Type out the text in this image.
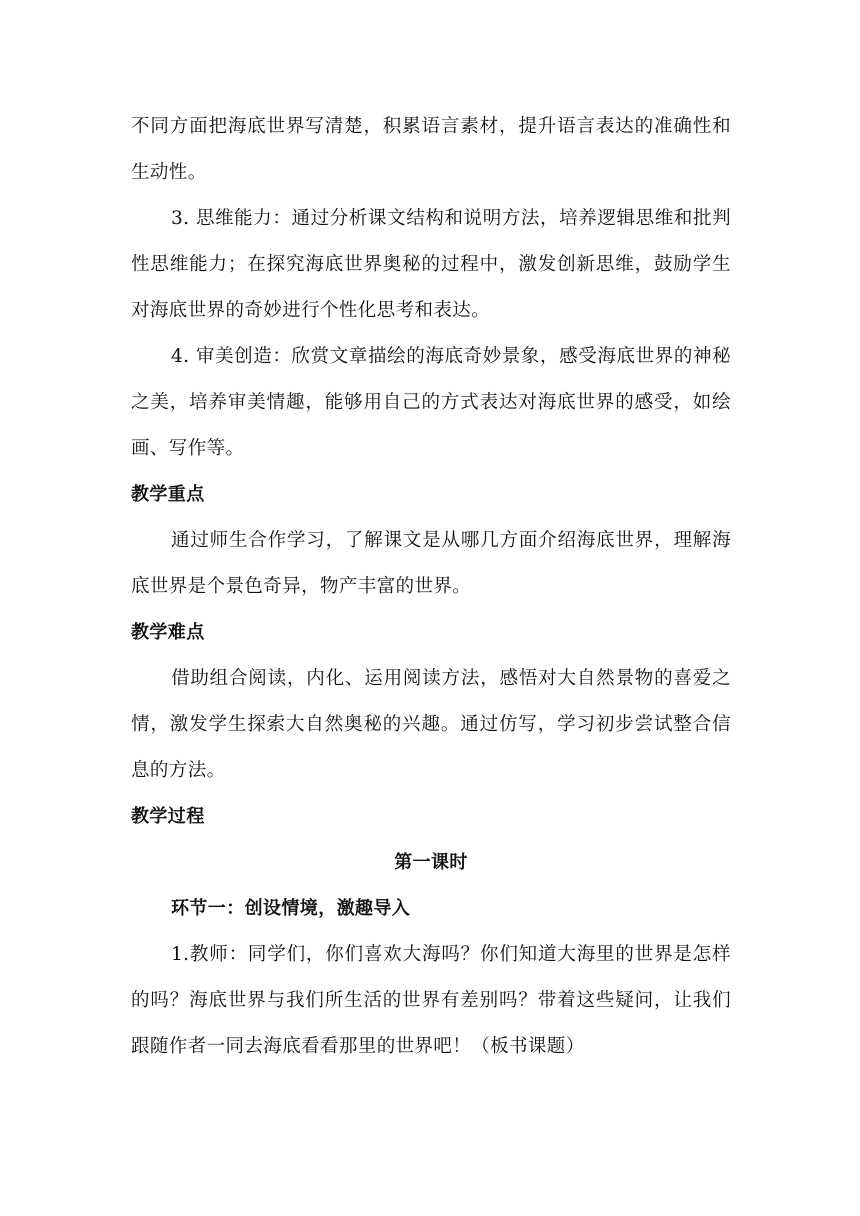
不同方面把海底世界写清楚，积累语言素材，提升语言表达的准确性和生动性。

3. 思维能力：通过分析课文结构和说明方法，培养逻辑思维和批判性思维能力；在探究海底世界奥秘的过程中，激发创新思维，鼓励学生对海底世界的奇妙进行个性化思考和表达。

4. 审美创造：欣赏文章描绘的海底奇妙景象，感受海底世界的神秘之美，培养审美情趣，能够用自己的方式表达对海底世界的感受，如绘画、写作等。

教学重点

通过师生合作学习，了解课文是从哪几方面介绍海底世界，理解海底世界是个景色奇异，物产丰富的世界。

教学难点

借助组合阅读，内化、运用阅读方法，感悟对大自然景物的喜爱之情，激发学生探索大自然奥秘的兴趣。通过仿写，学习初步尝试整合信息的方法。

教学过程

第一课时

环节一：创设情境，激趣导入

1.教师：同学们，你们喜欢大海吗？你们知道大海里的世界是怎样的吗？海底世界与我们所生活的世界有差别吗？带着这些疑问，让我们跟随作者一同去海底看看那里的世界吧！（板书课题）
